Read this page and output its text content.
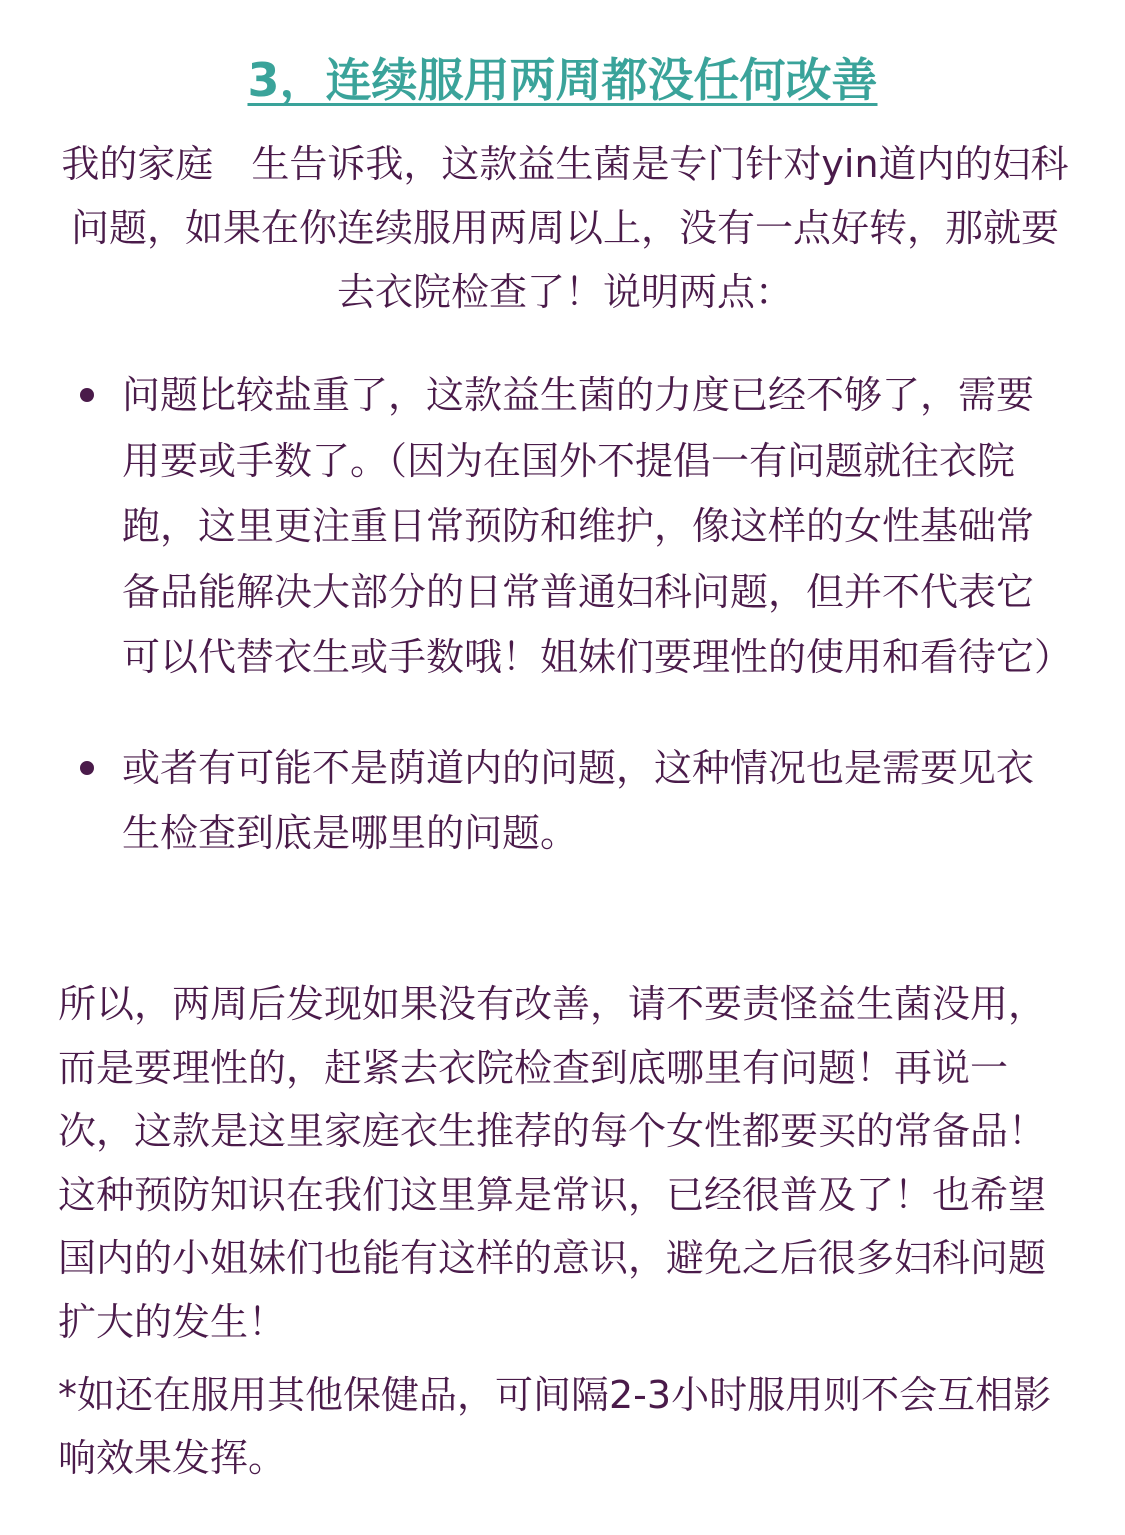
3，连续服用两周都没任何改善
我的家庭　生告诉我，这款益生菌是专门针对yin道内的妇科问题，如果在你连续服用两周以上，没有一点好转，那就要去衣院检查了！说明两点：
问题比较盐重了，这款益生菌的力度已经不够了，需要用要或手数了。（因为在国外不提倡一有问题就往衣院跑，这里更注重日常预防和维护，像这样的女性基础常备品能解决大部分的日常普通妇科问题，但并不代表它可以代替衣生或手数哦！姐妹们要理性的使用和看待它）
或者有可能不是荫道内的问题，这种情况也是需要见衣生检查到底是哪里的问题。
所以，两周后发现如果没有改善，请不要责怪益生菌没用，而是要理性的，赶紧去衣院检查到底哪里有问题！再说一次，这款是这里家庭衣生推荐的每个女性都要买的常备品！这种预防知识在我们这里算是常识，已经很普及了！也希望国内的小姐妹们也能有这样的意识，避免之后很多妇科问题扩大的发生！
*如还在服用其他保健品，可间隔2-3小时服用则不会互相影响效果发挥。
